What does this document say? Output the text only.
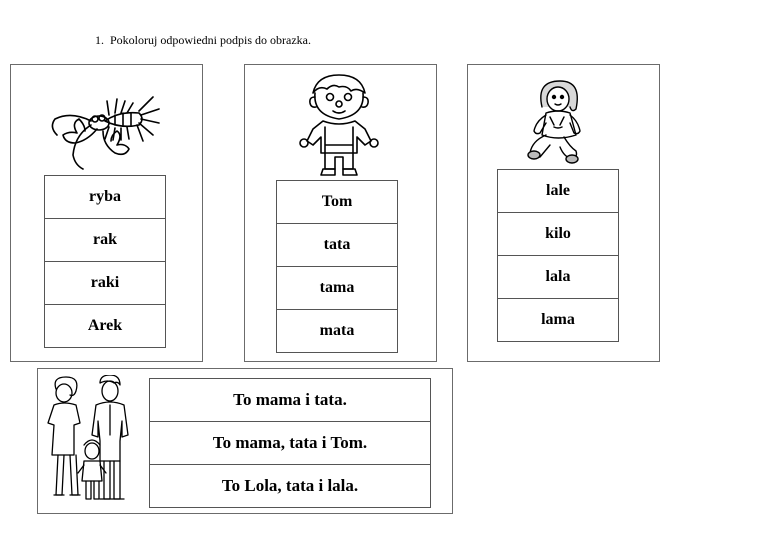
1. Pokoloruj odpowiedni podpis do obrazka.
ryba
rak
raki
Arek
Tom
tata
tama
mata
lale
kilo
lala
lama
To mama i tata.
To mama, tata i Tom.
To Lola, tata i lala.
